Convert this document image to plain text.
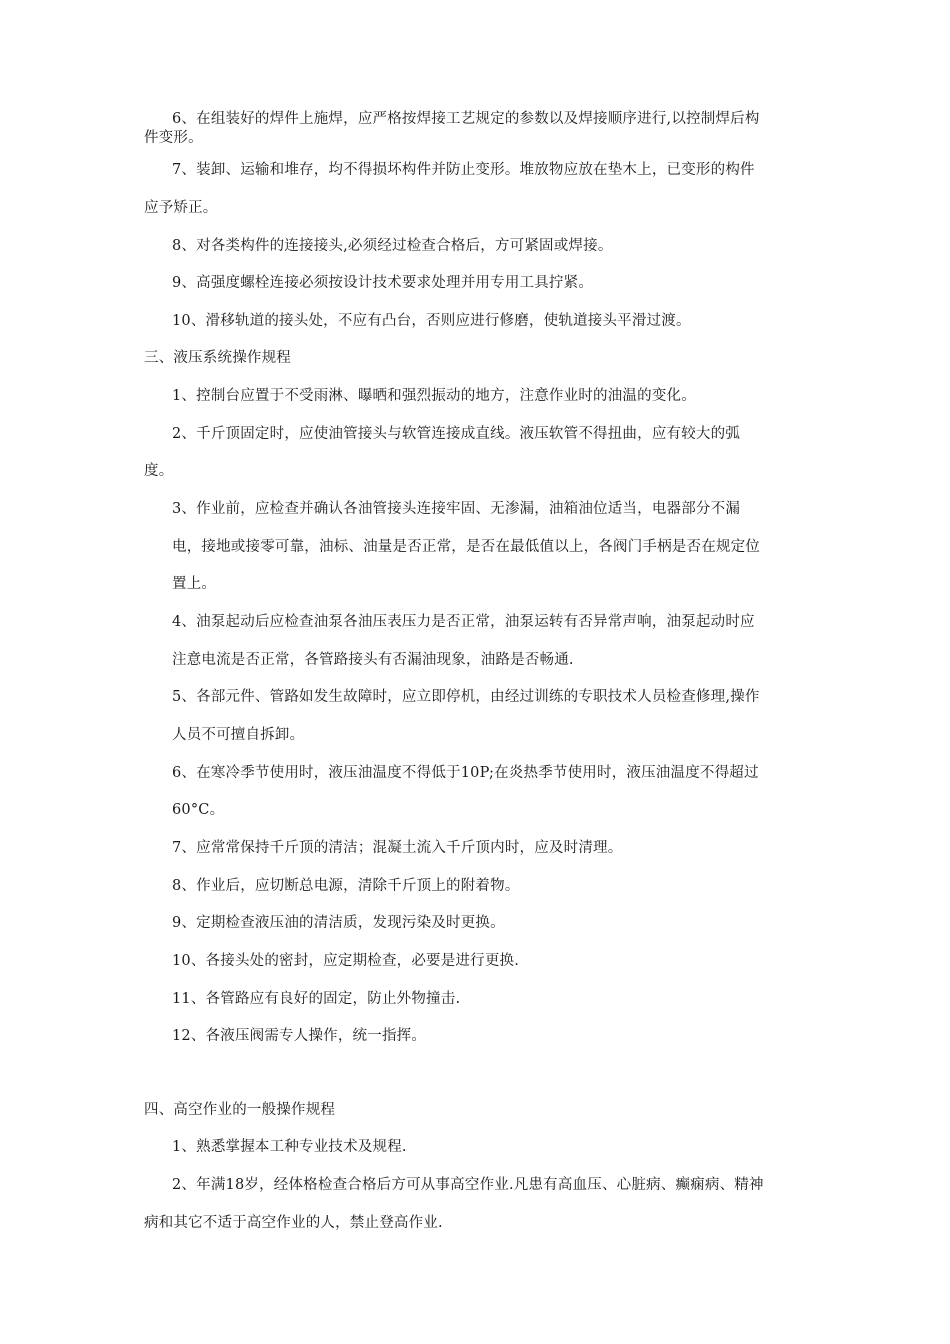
6、在组装好的焊件上施焊，应严格按焊接工艺规定的参数以及焊接顺序进行,以控制焊后构
件变形。
7、装卸、运输和堆存，均不得损坏构件并防止变形。堆放物应放在垫木上，已变形的构件
应予矫正。
8、对各类构件的连接接头,必须经过检查合格后，方可紧固或焊接。
9、高强度螺栓连接必须按设计技术要求处理并用专用工具拧紧。
10、滑移轨道的接头处，不应有凸台，否则应进行修磨，使轨道接头平滑过渡。
三、液压系统操作规程
1、控制台应置于不受雨淋、曝晒和强烈振动的地方，注意作业时的油温的变化。
2、千斤顶固定时，应使油管接头与软管连接成直线。液压软管不得扭曲，应有较大的弧
度。
3、作业前，应检查并确认各油管接头连接牢固、无渗漏，油箱油位适当，电器部分不漏
电，接地或接零可靠，油标、油量是否正常，是否在最低值以上，各阀门手柄是否在规定位
置上。
4、油泵起动后应检查油泵各油压表压力是否正常，油泵运转有否异常声响，油泵起动时应
注意电流是否正常，各管路接头有否漏油现象，油路是否畅通.
5、各部元件、管路如发生故障时，应立即停机，由经过训练的专职技术人员检查修理,操作
人员不可擅自拆卸。
6、在寒冷季节使用时，液压油温度不得低于10P;在炎热季节使用时，液压油温度不得超过
60°C。
7、应常常保持千斤顶的清洁；混凝土流入千斤顶内时，应及时清理。
8、作业后，应切断总电源，清除千斤顶上的附着物。
9、定期检查液压油的清洁质，发现污染及时更换。
10、各接头处的密封，应定期检查，必要是进行更换.
11、各管路应有良好的固定，防止外物撞击.
12、各液压阀需专人操作，统一指挥。
四、高空作业的一般操作规程
1、熟悉掌握本工种专业技术及规程.
2、年满18岁，经体格检查合格后方可从事高空作业.凡患有高血压、心脏病、癫痫病、精神
病和其它不适于高空作业的人，禁止登高作业.
